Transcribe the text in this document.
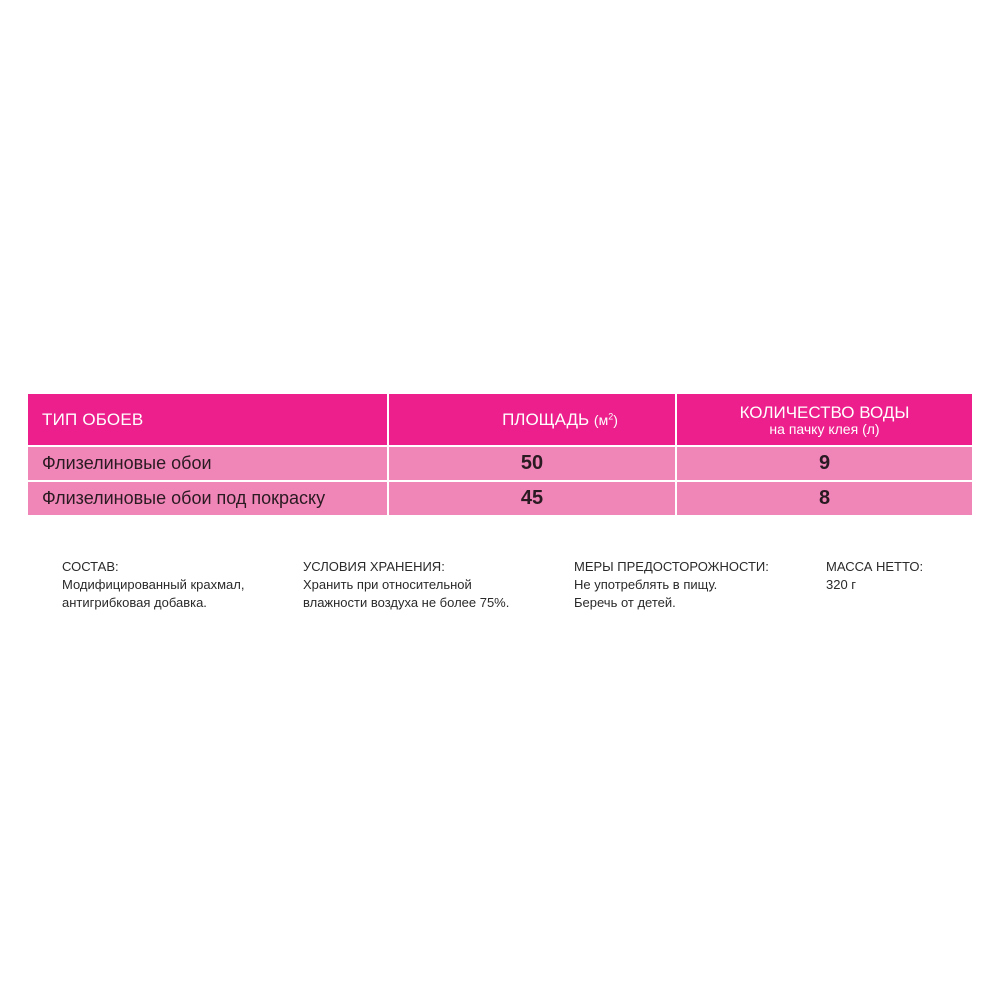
ТИП ОБОЕВ	ПЛОЩАДЬ $(м^2)$	КОЛИЧЕСТВО ВОДЫ
на пачку клея (л)
Флизелиновые обои	50	9
Флизелиновые обои под покраску	45	8
СОСТАВ:
Модифицированный крахмал,
антигрибковая добавка.
УСЛОВИЯ ХРАНЕНИЯ:
Хранить при относительной
влажности воздуха не более 75%.
МЕРЫ ПРЕДОСТОРОЖНОСТИ:
Не употреблять в пищу.
Беречь от детей.
МАССА НЕТТО:
320 г
